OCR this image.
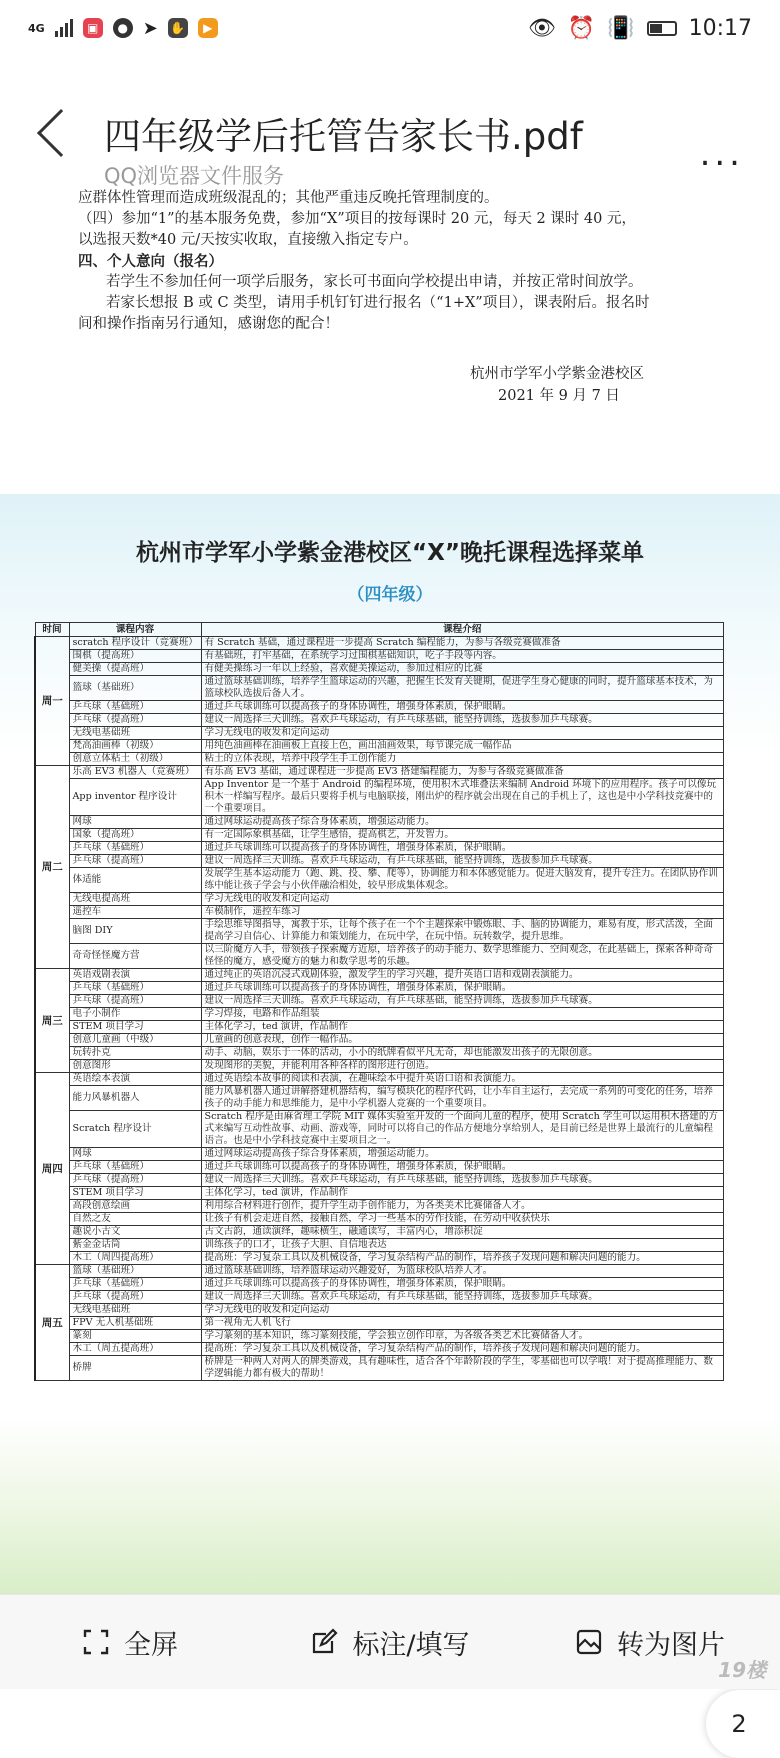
4G	▣	● ➤ ✋	▶	👁 ⏰ 📳 10:17
四年级学后托管告家长书.pdf
QQ浏览器文件服务
...

应群体性管理而造成班级混乱的；其他严重违反晚托管理制度的。

（四）参加“1”的基本服务免费，参加“X”项目的按每课时 20 元，每天 2 课时 40 元，

以选报天数*40 元/天按实收取，直接缴入指定专户。

四、个人意向（报名）

若学生不参加任何一项学后服务，家长可书面向学校提出申请，并按正常时间放学。

若家长想报 B 或 C 类型，请用手机钉钉进行报名（“1+X”项目），课表附后。报名时

间和操作指南另行通知，感谢您的配合！

杭州市学军小学紫金港校区
2021 年 9 月 7 日
杭州市学军小学紫金港校区“X”晚托课程选择菜单
（四年级）
时间	课程内容	课程介绍
周一	scratch 程序设计（竞赛班）	有 Scratch 基础，通过课程进一步提高 Scratch 编程能力，为参与各级竞赛做准备
	围棋（提高班）	有基础班，打牢基础，在系统学习过围棋基础知识，吃子手段等内容。
	健美操（提高班）	有健美操练习一年以上经验，喜欢健美操运动，参加过相应的比赛
	篮球（基础班）	通过篮球基础训练，培养学生篮球运动的兴趣，把握生长发育关键期，促进学生身心健康的同时，提升篮球基本技术，为篮球校队选拔后备人才。
	乒乓球（基础班）	通过乒乓球训练可以提高孩子的身体协调性，增强身体素质，保护眼睛。
	乒乓球（提高班）	建议一周选择三天训练。喜欢乒乓球运动，有乒乓球基础，能坚持训练，选拔参加乒乓球赛。
	无线电基础班	学习无线电的收发和定向运动
	梵高油画棒（初级）	用纯色油画棒在油画板上直接上色，画出油画效果，每节课完成一幅作品
	创意立体粘土（初级）	粘土的立体表现，培养中段学生手工创作能力
周二	乐高 EV3 机器人（竞赛班）	有乐高 EV3 基础，通过课程进一步提高 EV3 搭建编程能力，为参与各级竞赛做准备
	App inventor 程序设计	App Inventor 是一个基于 Android 的编程环境，使用积木式堆叠法来编制 Android 环境下的应用程序。孩子可以像玩积木一样编写程序。最后只要将手机与电脑联接，刚出炉的程序就会出现在自己的手机上了，这也是中小学科技竞赛中的一个重要项目。
	网球	通过网球运动提高孩子综合身体素质，增强运动能力。
	国象（提高班）	有一定国际象棋基础，让学生感悟，提高棋艺，开发智力。
	乒乓球（基础班）	通过乒乓球训练可以提高孩子的身体协调性，增强身体素质，保护眼睛。
	乒乓球（提高班）	建议一周选择三天训练。喜欢乒乓球运动，有乒乓球基础，能坚持训练，选拔参加乒乓球赛。
	体适能	发展学生基本运动能力（跑、跳、投、攀、爬等），协调能力和本体感觉能力。促进大脑发育，提升专注力。在团队协作训练中能让孩子学会与小伙伴融洽相处，较早形成集体观念。
	无线电提高班	学习无线电的收发和定向运动
	遥控车	车模制作，遥控车练习
	脑图 DIY	手绘思维导图指导，寓教于乐，让每个孩子在一个个主题探索中锻炼眼、手、脑的协调能力，难易有度，形式活泼，全面提高学习自信心、计算能力和策划能力，在玩中学，在玩中悟。玩转数学，提升思维。
	奇奇怪怪魔方营	以三阶魔方入手，带领孩子探索魔方近原，培养孩子的动手能力、数学思维能力、空间观念，在此基础上，探索各种奇奇怪怪的魔方，感受魔方的魅力和数学思考的乐趣。
周三	英语戏剧表演	通过纯正的英语沉浸式戏剧体验，激发学生的学习兴趣，提升英语口语和戏剧表演能力。
	乒乓球（基础班）	通过乒乓球训练可以提高孩子的身体协调性，增强身体素质，保护眼睛。
	乒乓球（提高班）	建议一周选择三天训练。喜欢乒乓球运动，有乒乓球基础，能坚持训练，选拔参加乒乓球赛。
	电子小制作	学习焊接，电路和作品组装
	STEM 项目学习	主体化学习，ted 演讲，作品制作
	创意儿童画（中级）	儿童画的创意表现，创作一幅作品。
	玩转扑克	动手、动脑，娱乐于一体的活动，小小的纸牌看似平凡无奇，却也能激发出孩子的无限创意。
	创意图形	发现图形的美貌，并能利用各种各样的图形进行创造。
周四	英语绘本表演	通过英语绘本故事的阅读和表演，在趣味绘本中提升英语口语和表演能力。
	能力风暴机器人	能力风暴机器人通过讲解搭建机器结构，编写模块化的程序代码，让小车自主运行，去完成一系列的可变化的任务，培养孩子的动手能力和思维能力，是中小学机器人竞赛的一个重要项目。
	Scratch 程序设计	Scratch 程序是由麻省理工学院 MIT 媒体实验室开发的一个面向儿童的程序，使用 Scratch 学生可以运用积木搭建的方式来编写互动性故事、动画、游戏等，同时可以将自己的作品方便地分享给别人，是目前已经是世界上最流行的儿童编程语言。也是中小学科技竞赛中主要项目之一。
	网球	通过网球运动提高孩子综合身体素质，增强运动能力。
	乒乓球（基础班）	通过乒乓球训练可以提高孩子的身体协调性，增强身体素质，保护眼睛。
	乒乓球（提高班）	建议一周选择三天训练。喜欢乒乓球运动，有乒乓球基础，能坚持训练，选拔参加乒乓球赛。
	STEM 项目学习	主体化学习，ted 演讲，作品制作
	高段创意绘画	利用综合材料进行创作，提升学生动手创作能力，为各类美术比赛储备人才。
	自然之友	让孩子有机会走进自然，接触自然，学习一些基本的劳作技能，在劳动中收获快乐
	趣说小古文	古文古韵，通读演绎，趣味横生，融通读写，丰富内心，增添积淀
	紫金金话筒	训练孩子的口才，让孩子大胆、自信地表达
	木工（周四提高班）	提高班：学习复杂工具以及机械设备，学习复杂结构产品的制作，培养孩子发现问题和解决问题的能力。
周五	篮球（基础班）	通过篮球基础训练，培养篮球运动兴趣爱好，为篮球校队培养人才。
	乒乓球（基础班）	通过乒乓球训练可以提高孩子的身体协调性，增强身体素质，保护眼睛。
	乒乓球（提高班）	建议一周选择三天训练。喜欢乒乓球运动，有乒乓球基础，能坚持训练，选拔参加乒乓球赛。
	无线电基础班	学习无线电的收发和定向运动
	FPV 无人机基础班	第一视角无人机飞行
	篆刻	学习篆刻的基本知识，练习篆刻技能，学会独立创作印章，为各级各类艺术比赛储备人才。
	木工（周五提高班）	提高班：学习复杂工具以及机械设备，学习复杂结构产品的制作，培养孩子发现问题和解决问题的能力。
	桥牌	桥牌是一种两人对两人的牌类游戏，具有趣味性，适合各个年龄阶段的学生，零基础也可以学哦！对于提高推理能力、数学逻辑能力都有极大的帮助！
2
全屏	标注/填写	转为图片
19楼
